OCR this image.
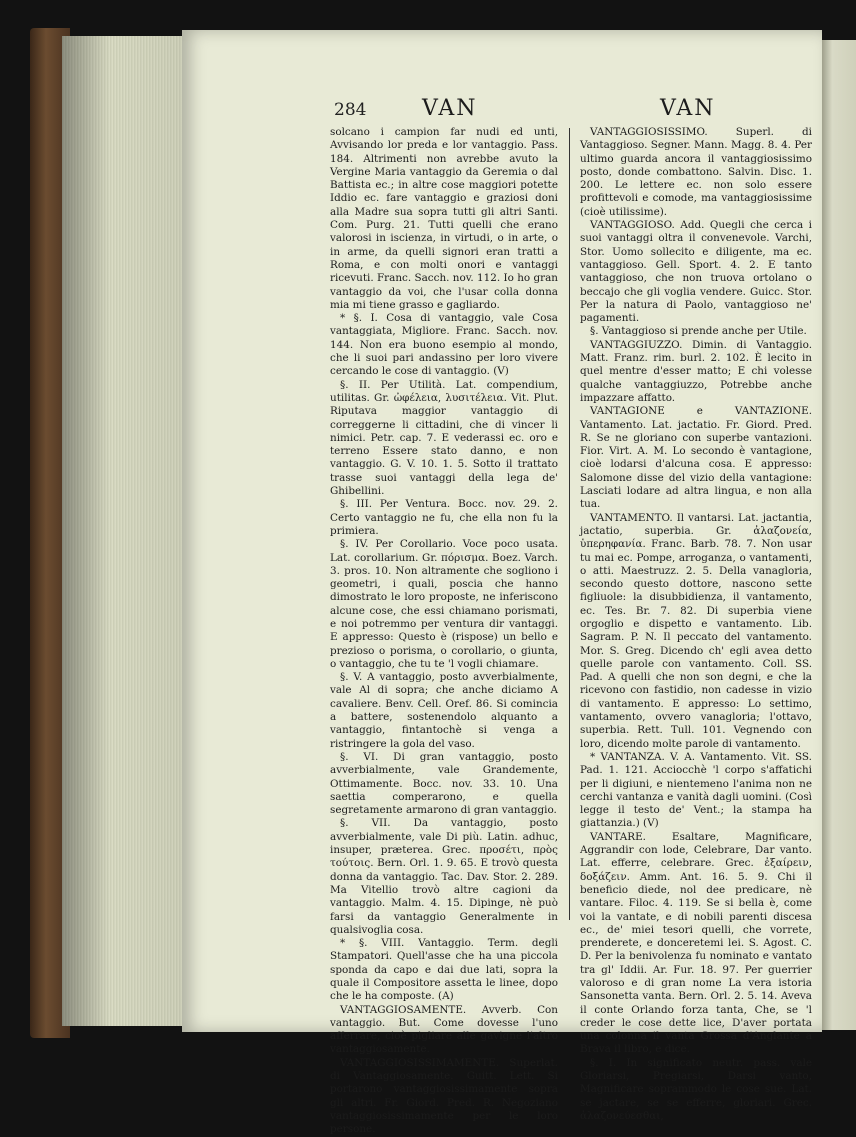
284	VAN	VAN

solcano i campion far nudi ed unti, Avvisando lor preda e lor vantaggio. Pass. 184. Altrimenti non avrebbe avuto la Vergine Maria vantaggio da Geremia o dal Battista ec.; in altre cose maggiori potette Iddio ec. fare vantaggio e graziosi doni alla Madre sua sopra tutti gli altri Santi. Com. Purg. 21. Tutti quelli che erano valorosi in iscienza, in virtudi, o in arte, o in arme, da quelli signori eran tratti a Roma, e con molti onori e vantaggi ricevuti. Franc. Sacch. nov. 112. Io ho gran vantaggio da voi, che l'usar colla donna mia mi tiene grasso e gagliardo.

* §. I. Cosa di vantaggio, vale Cosa vantaggiata, Migliore. Franc. Sacch. nov. 144. Non era buono esempio al mondo, che li suoi pari andassino per loro vivere cercando le cose di vantaggio. (V)

§. II. Per Utilità. Lat. compendium, utilitas. Gr. ὠφέλεια, λυσιτέλεια. Vit. Plut. Riputava maggior vantaggio di correggerne li cittadini, che di vincer li nimici. Petr. cap. 7. E vederassi ec. oro e terreno Essere stato danno, e non vantaggio. G. V. 10. 1. 5. Sotto il trattato trasse suoi vantaggi della lega de' Ghibellini.

§. III. Per Ventura. Bocc. nov. 29. 2. Certo vantaggio ne fu, che ella non fu la primiera.

§. IV. Per Corollario. Voce poco usata. Lat. corollarium. Gr. πόρισμα. Boez. Varch. 3. pros. 10. Non altramente che sogliono i geometri, i quali, poscia che hanno dimostrato le loro proposte, ne inferiscono alcune cose, che essi chiamano porismati, e noi potremmo per ventura dir vantaggi. E appresso: Questo è (rispose) un bello e prezioso o porisma, o corollario, o giunta, o vantaggio, che tu te 'l vogli chiamare.

§. V. A vantaggio, posto avverbialmente, vale Al di sopra; che anche diciamo A cavaliere. Benv. Cell. Oref. 86. Si comincia a battere, sostenendolo alquanto a vantaggio, fintantochè si venga a ristringere la gola del vaso.

§. VI. Di gran vantaggio, posto avverbialmente, vale Grandemente, Ottimamente. Bocc. nov. 33. 10. Una saettia comperarono, e quella segretamente armarono di gran vantaggio.

§. VII. Da vantaggio, posto avverbialmente, vale Di più. Latin. adhuc, insuper, præterea. Grec. προσέτι, πρὸς τούτοις. Bern. Orl. 1. 9. 65. E trovò questa donna da vantaggio. Tac. Dav. Stor. 2. 289. Ma Vitellio trovò altre cagioni da vantaggio. Malm. 4. 15. Dipinge, nè può farsi da vantaggio Generalmente in qualsivoglia cosa.

* §. VIII. Vantaggio. Term. degli Stampatori. Quell'asse che ha una piccola sponda da capo e dai due lati, sopra la quale il Compositore assetta le linee, dopo che le ha composte. (A)

VANTAGGIOSAMENTE. Avverb. Con vantaggio. But. Come dovesse l'uno afferrare, cioè pigliare alle gavigne l'altro vantaggiosamente.

VANTAGGIOSISSIMAMENTE. Superlat. di Vantaggiosamente. Guitt. Lett. Si portarono vantaggiosissimamente sopra gli altri. Fr. Giord. Pred. R. Negoziano vantaggiosissimamente per le loro persone.

VANTAGGIOSISSIMO. Superl. di Vantaggioso. Segner. Mann. Magg. 8. 4. Per ultimo guarda ancora il vantaggiosissimo posto, donde combattono. Salvin. Disc. 1. 200. Le lettere ec. non solo essere profittevoli e comode, ma vantaggiosissime (cioè utilissime).

VANTAGGIOSO. Add. Quegli che cerca i suoi vantaggi oltra il convenevole. Varchi, Stor. Uomo sollecito e diligente, ma ec. vantaggioso. Gell. Sport. 4. 2. E tanto vantaggioso, che non truova ortolano o beccajo che gli voglia vendere. Guicc. Stor. Per la natura di Paolo, vantaggioso ne' pagamenti.

§. Vantaggioso si prende anche per Utile.

VANTAGGIUZZO. Dimin. di Vantaggio. Matt. Franz. rim. burl. 2. 102. È lecito in quel mentre d'esser matto; E chi volesse qualche vantaggiuzzo, Potrebbe anche impazzare affatto.

VANTAGIONE e VANTAZIONE. Vantamento. Lat. jactatio. Fr. Giord. Pred. R. Se ne gloriano con superbe vantazioni. Fior. Virt. A. M. Lo secondo è vantagione, cioè lodarsi d'alcuna cosa. E appresso: Salomone disse del vizio della vantagione: Lasciati lodare ad altra lingua, e non alla tua.

VANTAMENTO. Il vantarsi. Lat. jactantia, jactatio, superbia. Gr. ἀλαζονεία, ὑπερηφανία. Franc. Barb. 78. 7. Non usar tu mai ec. Pompe, arroganza, o vantamenti, o atti. Maestruzz. 2. 5. Della vanagloria, secondo questo dottore, nascono sette figliuole: la disubbidienza, il vantamento, ec. Tes. Br. 7. 82. Di superbia viene orgoglio e dispetto e vantamento. Lib. Sagram. P. N. Il peccato del vantamento. Mor. S. Greg. Dicendo ch' egli avea detto quelle parole con vantamento. Coll. SS. Pad. A quelli che non son degni, e che la ricevono con fastidio, non cadesse in vizio di vantamento. E appresso: Lo settimo, vantamento, ovvero vanagloria; l'ottavo, superbia. Rett. Tull. 101. Vegnendo con loro, dicendo molte parole di vantamento.

* VANTANZA. V. A. Vantamento. Vit. SS. Pad. 1. 121. Acciocchè 'l corpo s'affatichi per li digiuni, e nientemeno l'anima non ne cerchi vantanza e vanità dagli uomini. (Così legge il testo de' Vent.; la stampa ha giattanzia.) (V)

VANTARE. Esaltare, Magnificare, Aggrandir con lode, Celebrare, Dar vanto. Lat. efferre, celebrare. Grec. ἐξαίρειν, δοξάζειν. Amm. Ant. 16. 5. 9. Chi il beneficio diede, nol dee predicare, nè vantare. Filoc. 4. 119. Se si bella è, come voi la vantate, e di nobili parenti discesa ec., de' miei tesori quelli, che vorrete, prenderete, e donceretemi lei. S. Agost. C. D. Per la benivolenza fu nominato e vantato tra gl' Iddii. Ar. Fur. 18. 97. Per guerrier valoroso e di gran nome La vera istoria Sansonetta vanta. Bern. Orl. 2. 5. 14. Aveva il conte Orlando forza tanta, Che, se 'l creder le cose dette lice, D'aver portata una colonna il vanta Grossa d'Anglante a Brava il libro, e dice.

§. I. In significato neutr. pass. vale Gloriarsi, Pregiarsi, Darsi vanto, Magnificare soprammodo le cose sue. Lat. se jactare, se se efferre, gloriari. Grec. ἀλαζονεύεσθαι,
